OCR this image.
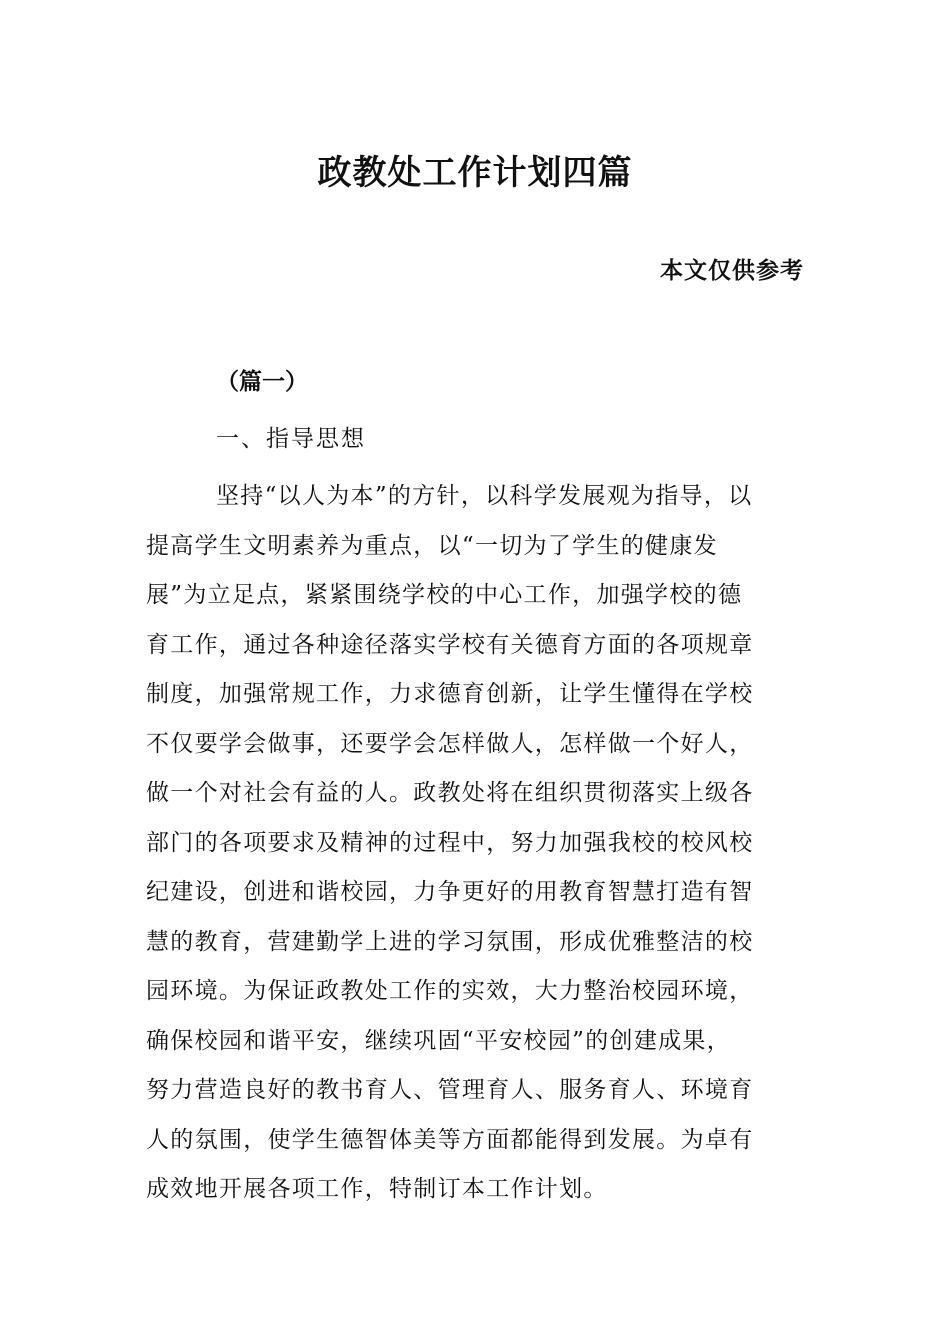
政教处工作计划四篇
本文仅供参考
（篇一）
一、指导思想
坚持“以人为本”的方针，以科学发展观为指导，以
提高学生文明素养为重点，以“一切为了学生的健康发
展”为立足点，紧紧围绕学校的中心工作，加强学校的德
育工作，通过各种途径落实学校有关德育方面的各项规章
制度，加强常规工作，力求德育创新，让学生懂得在学校
不仅要学会做事，还要学会怎样做人，怎样做一个好人，
做一个对社会有益的人。政教处将在组织贯彻落实上级各
部门的各项要求及精神的过程中，努力加强我校的校风校
纪建设，创进和谐校园，力争更好的用教育智慧打造有智
慧的教育，营建勤学上进的学习氛围，形成优雅整洁的校
园环境。为保证政教处工作的实效，大力整治校园环境，
确保校园和谐平安，继续巩固“平安校园”的创建成果，
努力营造良好的教书育人、管理育人、服务育人、环境育
人的氛围，使学生德智体美等方面都能得到发展。为卓有
成效地开展各项工作，特制订本工作计划。
